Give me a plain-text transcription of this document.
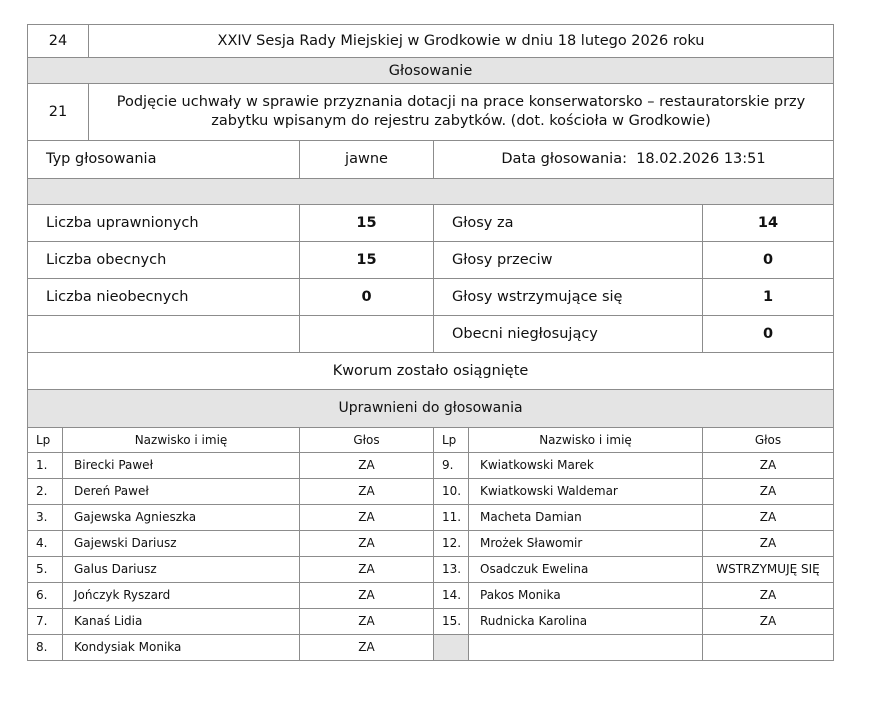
24	XXIV Sesja Rady Miejskiej w Grodkowie w dniu 18 lutego 2026 roku
Głosowanie	
21	Podjęcie uchwały w sprawie przyznania dotacji na prace konserwatorsko – restauratorskie przy zabytku wpisanym do rejestru zabytków. (dot. kościoła w Grodkowie)
Typ głosowania	jawne	Data głosowania: 18.02.2026 13:51	

Liczba uprawnionych	15	Głosy za	14
Liczba obecnych	15	Głosy przeciw	0
Liczba nieobecnych	0	Głosy wstrzymujące się	1
		Obecni niegłosujący	0
Kworum zostało osiągnięte			
Uprawnieni do głosowania			
Lp	Nazwisko i imię	Głos	Lp	Nazwisko i imię	Głos
1.	Birecki Paweł	ZA	9.	Kwiatkowski Marek	ZA
2.	Dereń Paweł	ZA	10.	Kwiatkowski Waldemar	ZA
3.	Gajewska Agnieszka	ZA	11.	Macheta Damian	ZA
4.	Gajewski Dariusz	ZA	12.	Mrożek Sławomir	ZA
5.	Galus Dariusz	ZA	13.	Osadczuk Ewelina	WSTRZYMUJĘ SIĘ
6.	Jończyk Ryszard	ZA	14.	Pakos Monika	ZA
7.	Kanaś Lidia	ZA	15.	Rudnicka Karolina	ZA
8.	Kondysiak Monika	ZA			
